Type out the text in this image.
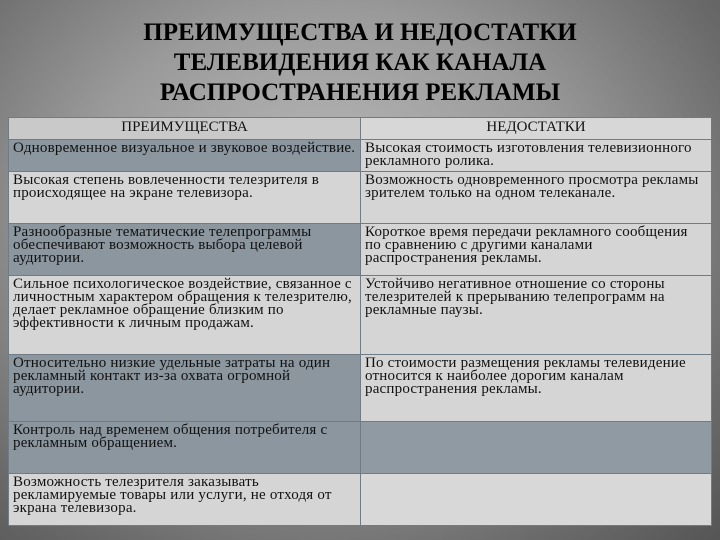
ПРЕИМУЩЕСТВА И НЕДОСТАТКИ
ТЕЛЕВИДЕНИЯ КАК КАНАЛА
РАСПРОСТРАНЕНИЯ РЕКЛАМЫ
ПРЕИМУЩЕСТВА	НЕДОСТАТКИ

Одновременное визуальное и звуковое воздействие.	Высокая стоимость изготовления телевизионного рекламного ролика.

Высокая степень вовлеченности телезрителя в происходящее на экране телевизора.	Возможность одновременного просмотра рекламы зрителем только на одном телеканале.

Разнообразные тематические телепрограммы обеспечивают возможность выбора целевой аудитории.	Короткое время передачи рекламного сообщения по сравнению с другими каналами распространения рекламы.

Сильное психологическое воздействие, связанное с личностным характером обращения к телезрителю, делает рекламное обращение близким по эффективности к личным продажам.	Устойчиво негативное отношение со стороны телезрителей к прерыванию телепрограмм на рекламные паузы.

Относительно низкие удельные затраты на один рекламный контакт из-за охвата огромной аудитории.	По стоимости размещения рекламы телевидение относится к наиболее дорогим каналам распространения рекламы.

Контроль над временем общения потребителя с рекламным обращением.	

Возможность телезрителя заказывать рекламируемые товары или услуги, не отходя от экрана телевизора.	
